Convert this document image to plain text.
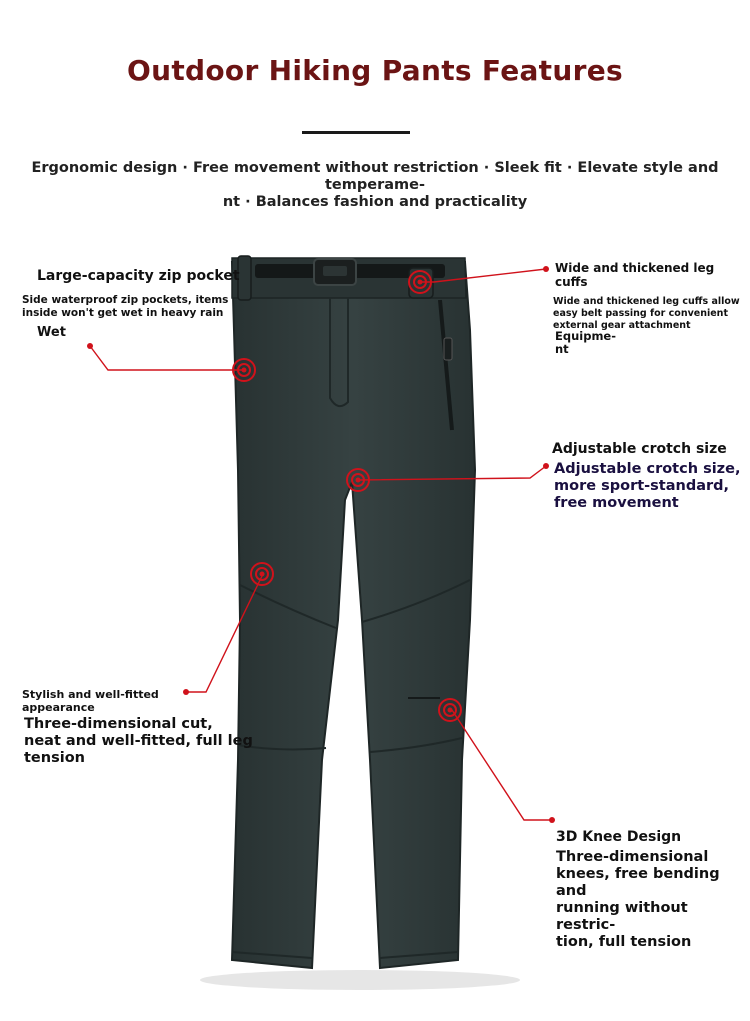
Outdoor Hiking Pants Features
Ergonomic design · Free movement without restriction · Sleek fit · Elevate style and temperame-
nt · Balances fashion and practicality
Large-capacity zip pocket
Side waterproof zip pockets, items
inside won't get wet in heavy rain
Wet
Wide and thickened leg cuffs
Wide and thickened leg cuffs allow
easy belt passing for convenient
external gear attachment
Equipme-
nt
Adjustable crotch size
Adjustable crotch size,
more sport-standard,
free movement
Stylish and well-fitted
appearance
Three-dimensional cut,
neat and well-fitted, full leg
tension
3D Knee Design
Three-dimensional
knees, free bending and
running without restric-
tion, full tension
